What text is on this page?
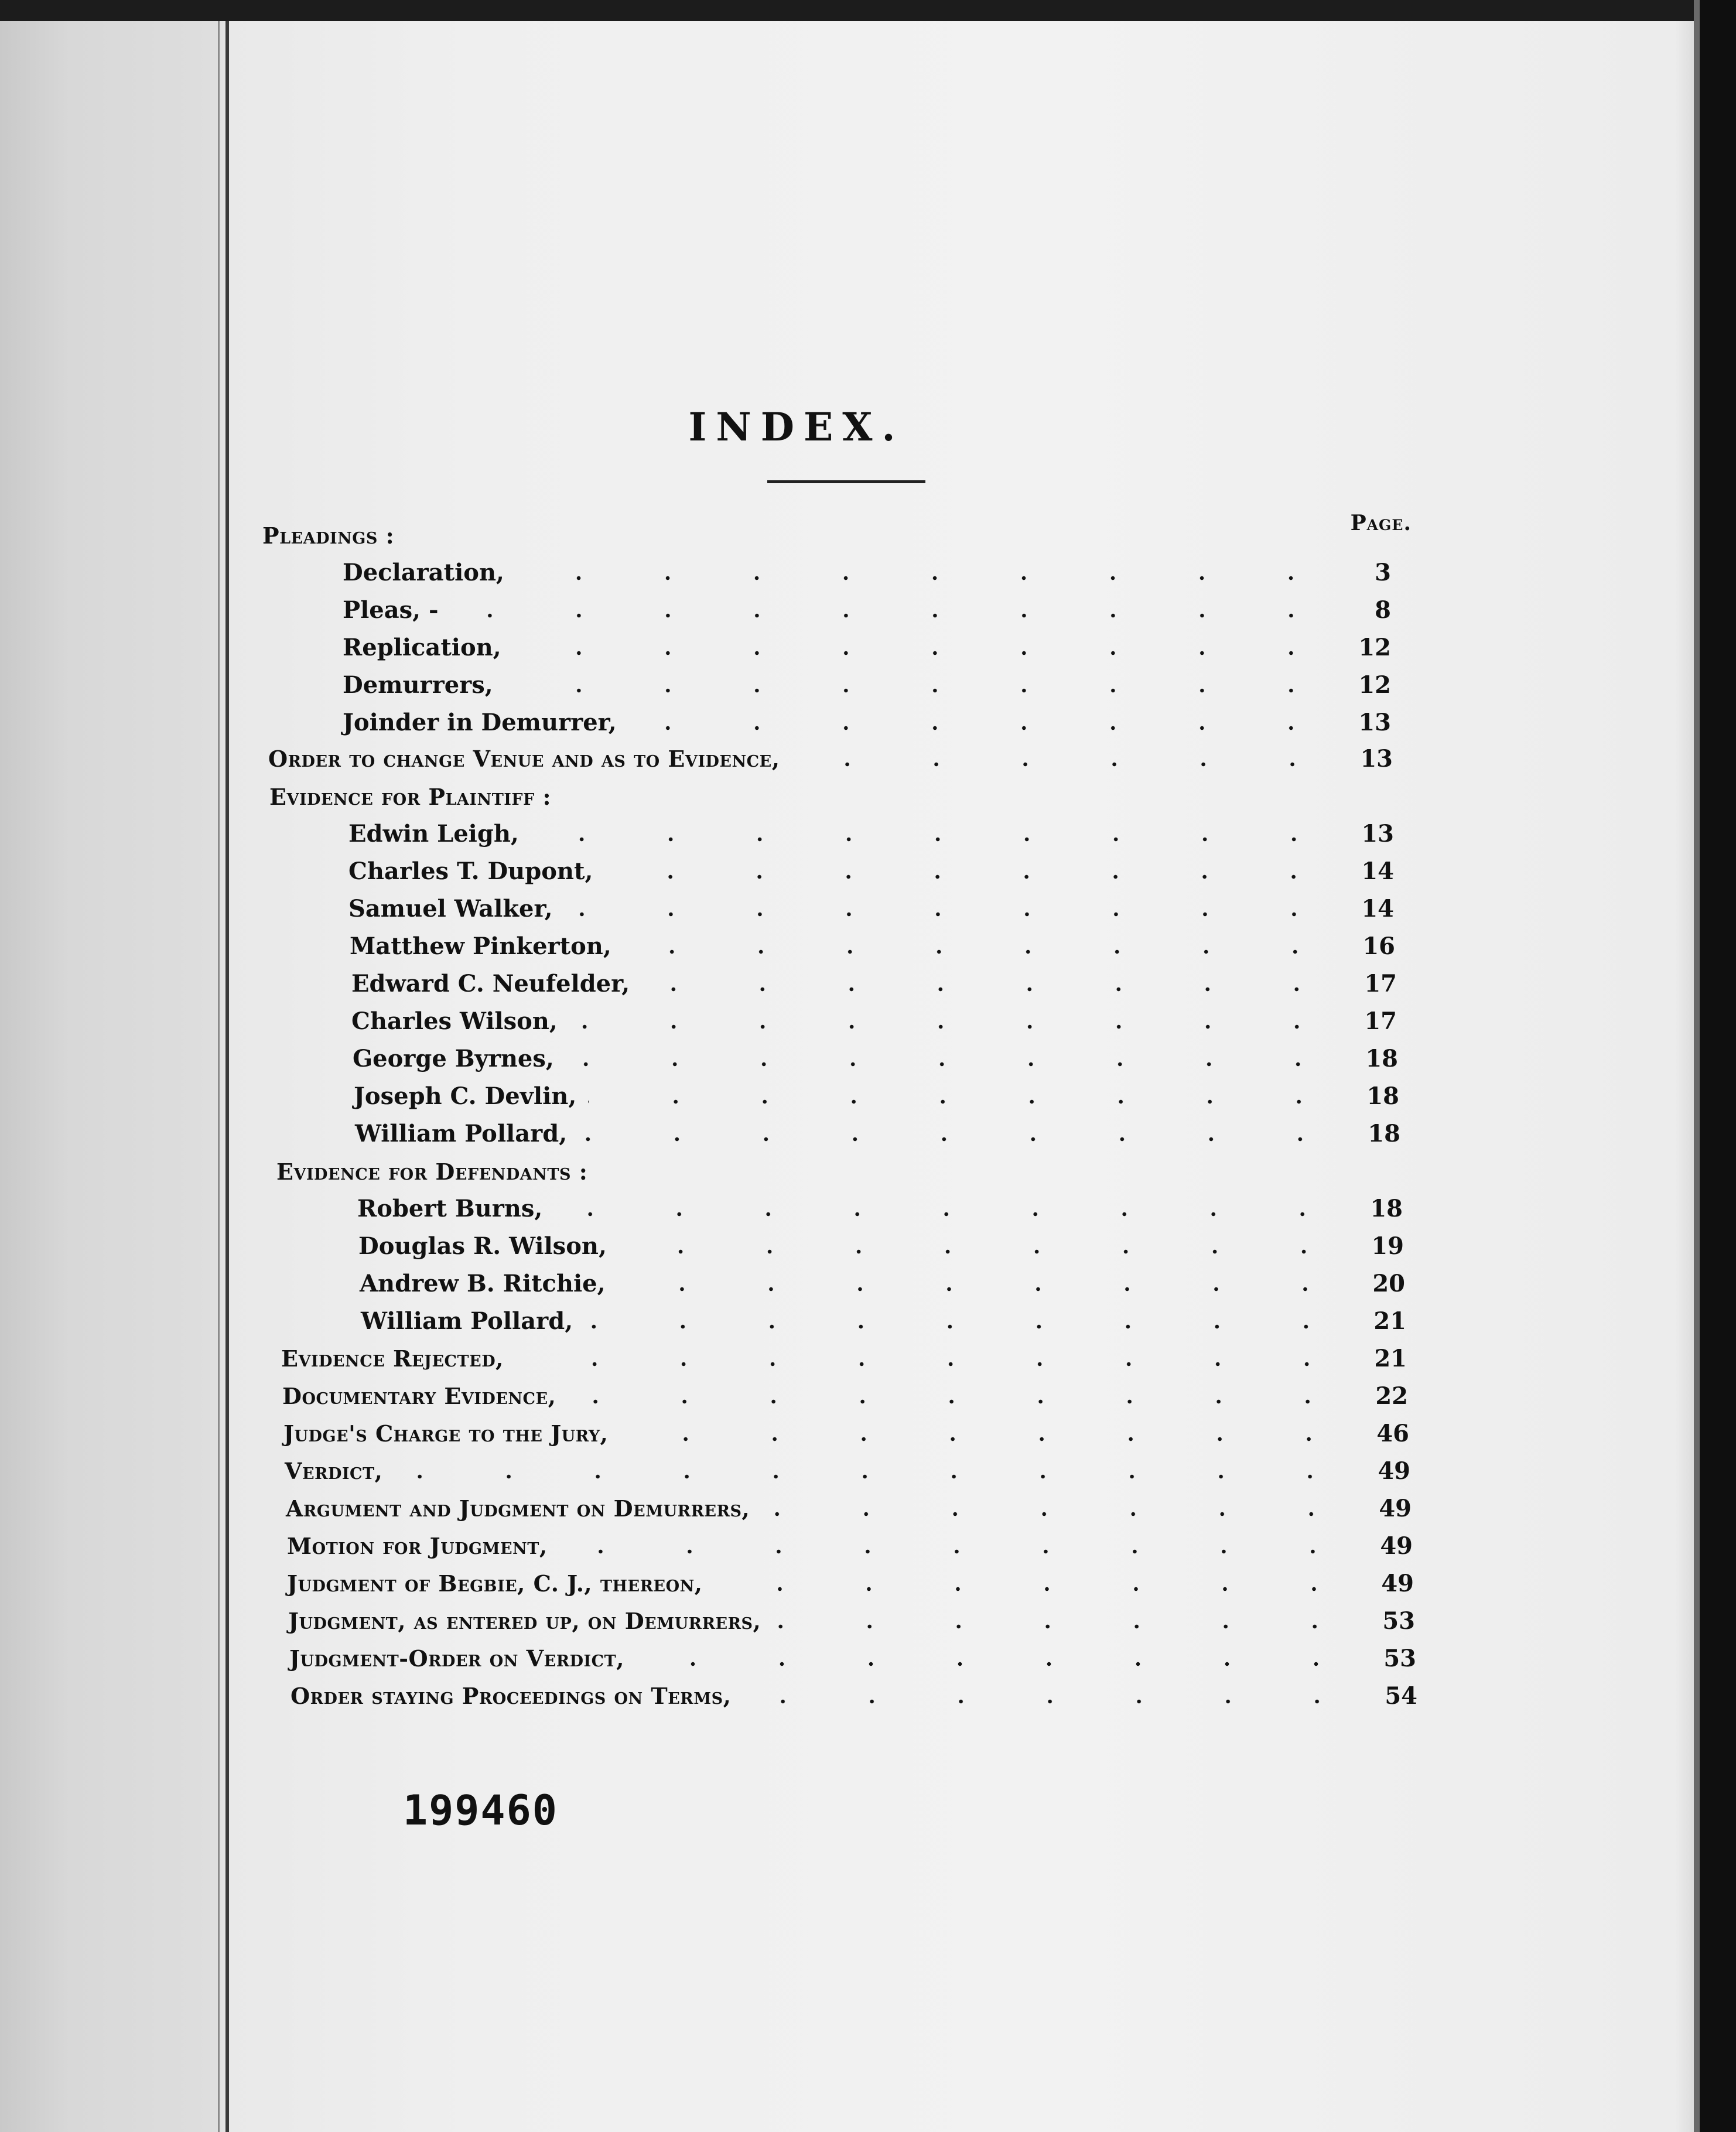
INDEX.
Page.
Pleadings :
Declaration,	3
Pleas, -	8
Replication,	12
Demurrers,	12
Joinder in Demurrer,	13
Order to change Venue and as to Evidence,	13
Evidence for Plaintiff :
Edwin Leigh,	13
Charles T. Dupont,	14
Samuel Walker,	14
Matthew Pinkerton,	16
Edward C. Neufelder,	17
Charles Wilson,	17
George Byrnes,	18
Joseph C. Devlin,	18
William Pollard,	18
Evidence for Defendants :
Robert Burns,	18
Douglas R. Wilson,	19
Andrew B. Ritchie,	20
William Pollard,	21
Evidence Rejected,	21
Documentary Evidence,	22
Judge's Charge to the Jury,	46
Verdict,	49
Argument and Judgment on Demurrers,	49
Motion for Judgment,	49
Judgment of Begbie, C. J., thereon,	49
Judgment, as entered up, on Demurrers,	53
Judgment-Order on Verdict,	53
Order staying Proceedings on Terms,	54
199460
